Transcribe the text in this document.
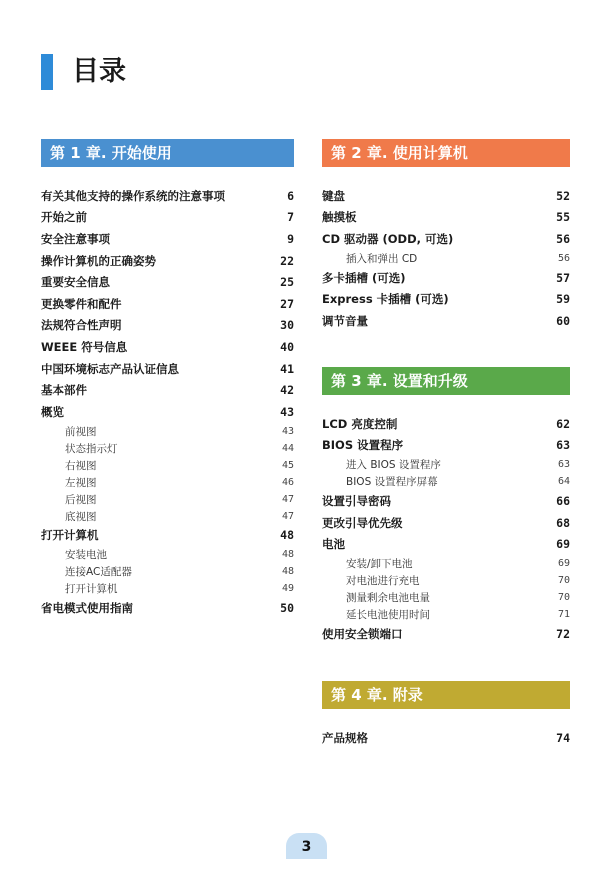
目录
第 1 章. 开始使用
有关其他支持的操作系统的注意事项	6
开始之前	7
安全注意事项	9
操作计算机的正确姿势	22
重要安全信息	25
更换零件和配件	27
法规符合性声明	30
WEEE 符号信息	40
中国环境标志产品认证信息	41
基本部件	42
概览	43
前视图	43
状态指示灯	44
右视图	45
左视图	46
后视图	47
底视图	47
打开计算机	48
安装电池	48
连接AC适配器	48
打开计算机	49
省电模式使用指南	50
第 2 章. 使用计算机
键盘	52
触摸板	55
CD 驱动器 (ODD, 可选)	56
插入和弹出 CD	56
多卡插槽 (可选)	57
Express 卡插槽 (可选)	59
调节音量	60
第 3 章. 设置和升级
LCD 亮度控制	62
BIOS 设置程序	63
进入 BIOS 设置程序	63
BIOS 设置程序屏幕	64
设置引导密码	66
更改引导优先级	68
电池	69
安装/卸下电池	69
对电池进行充电	70
测量剩余电池电量	70
延长电池使用时间	71
使用安全锁端口	72
第 4 章. 附录
产品规格	74
3
